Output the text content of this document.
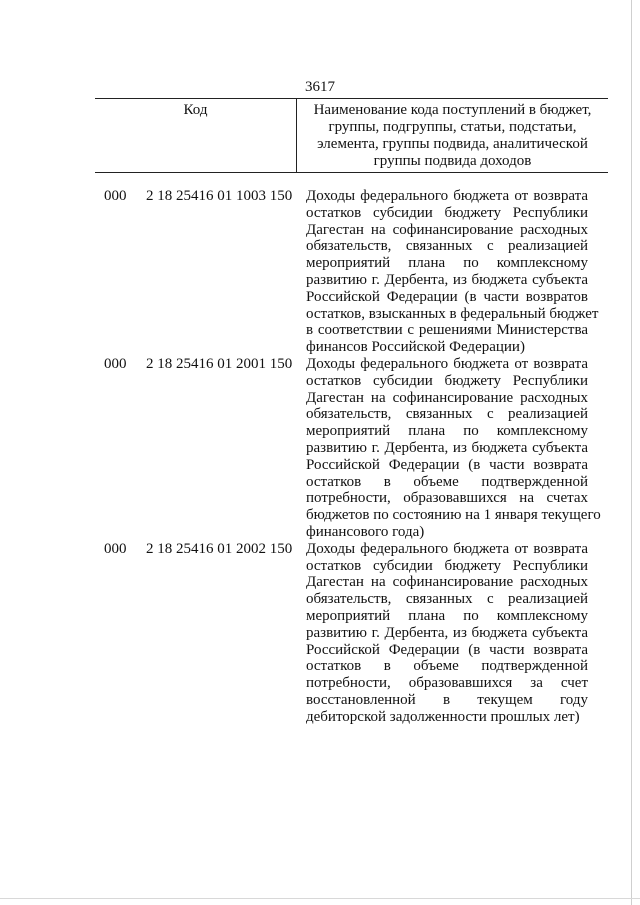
3617
Код	Наименование кода поступлений в бюджет,
группы, подгруппы, статьи, подстатьи,
элемента, группы подвида, аналитической
группы подвида доходов
000 2 18 25416 01 1003 150 Доходы федерального бюджета от возврата
остатков субсидии бюджету Республики
Дагестан на софинансирование расходных
обязательств, связанных с реализацией
мероприятий плана по комплексному
развитию г. Дербента, из бюджета субъекта
Российской Федерации (в части возвратов
остатков, взысканных в федеральный бюджет
в соответствии с решениями Министерства
финансов Российской Федерации)
000 2 18 25416 01 2001 150 Доходы федерального бюджета от возврата
остатков субсидии бюджету Республики
Дагестан на софинансирование расходных
обязательств, связанных с реализацией
мероприятий плана по комплексному
развитию г. Дербента, из бюджета субъекта
Российской Федерации (в части возврата
остатков в объеме подтвержденной
потребности, образовавшихся на счетах
бюджетов по состоянию на 1 января текущего
финансового года)
000 2 18 25416 01 2002 150 Доходы федерального бюджета от возврата
остатков субсидии бюджету Республики
Дагестан на софинансирование расходных
обязательств, связанных с реализацией
мероприятий плана по комплексному
развитию г. Дербента, из бюджета субъекта
Российской Федерации (в части возврата
остатков в объеме подтвержденной
потребности, образовавшихся за счет
восстановленной в текущем году
дебиторской задолженности прошлых лет)
